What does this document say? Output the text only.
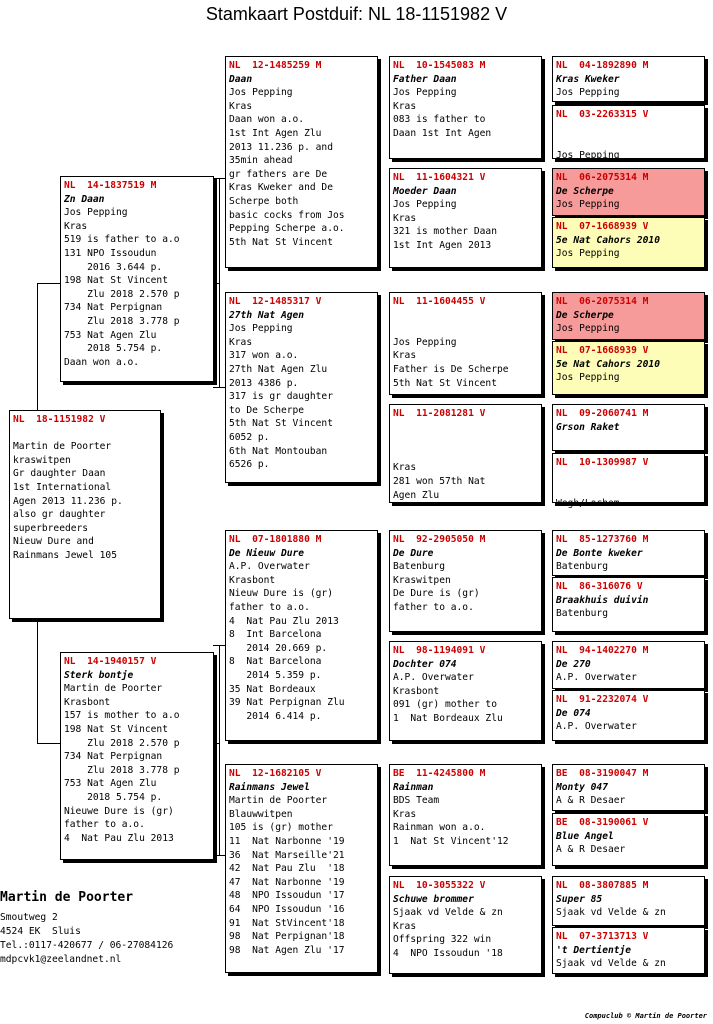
Stamkaart Postduif: NL 18-1151982 V
NL  18-1151982 V
Martin de Poorter
kraswitpen
Gr daughter Daan
1st International
Agen 2013 11.236 p.
also gr daughter
superbreeders
Nieuw Dure and
Rainmans Jewel 105
NL  14-1837519 M
Zn Daan
Jos Pepping
Kras
519 is father to a.o
131 NPO Issoudun
2016 3.644 p.
198 Nat St Vincent
Zlu 2018 2.570 p
734 Nat Perpignan
Zlu 2018 3.778 p
753 Nat Agen Zlu
2018 5.754 p.
Daan won a.o.
NL  14-1940157 V
Sterk bontje
Martin de Poorter
Krasbont
157 is mother to a.o
198 Nat St Vincent
Zlu 2018 2.570 p
734 Nat Perpignan
Zlu 2018 3.778 p
753 Nat Agen Zlu
2018 5.754 p.
Nieuwe Dure is (gr)
father to a.o.
4  Nat Pau Zlu 2013
NL  12-1485259 M
Daan
Jos Pepping
Kras
Daan won a.o.
1st Int Agen Zlu
2013 11.236 p. and
35min ahead
gr fathers are De
Kras Kweker and De
Scherpe both
basic cocks from Jos
Pepping Scherpe a.o.
5th Nat St Vincent
NL  12-1485317 V
27th Nat Agen
Jos Pepping
Kras
317 won a.o.
27th Nat Agen Zlu
2013 4386 p.
317 is gr daughter
to De Scherpe
5th Nat St Vincent
6052 p.
6th Nat Montouban
6526 p.
NL  07-1801880 M
De Nieuw Dure
A.P. Overwater
Krasbont
Nieuw Dure is (gr)
father to a.o.
4  Nat Pau Zlu 2013
8  Int Barcelona
2014 20.669 p.
8  Nat Barcelona
2014 5.359 p.
35 Nat Bordeaux
39 Nat Perpignan Zlu
2014 6.414 p.
NL  12-1682105 V
Rainmans Jewel
Martin de Poorter
Blauwwitpen
105 is (gr) mother
11  Nat Narbonne '19
36  Nat Marseille'21
42  Nat Pau Zlu  '18
47  Nat Narbonne '19
48  NPO Issoudun '17
64  NPO Issoudun '16
91  Nat StVincent'18
98  Nat Perpignan'18
98  Nat Agen Zlu '17
NL  10-1545083 M
Father Daan
Jos Pepping
Kras
083 is father to
Daan 1st Int Agen
NL  11-1604321 V
Moeder Daan
Jos Pepping
Kras
321 is mother Daan
1st Int Agen 2013
NL  11-1604455 V
Jos Pepping
Kras
Father is De Scherpe
5th Nat St Vincent
NL  11-2081281 V
Kras
281 won 57th Nat
Agen Zlu
NL  92-2905050 M
De Dure
Batenburg
Kraswitpen
De Dure is (gr)
father to a.o.
NL  98-1194091 V
Dochter 074
A.P. Overwater
Krasbont
091 (gr) mother to
1  Nat Bordeaux Zlu
BE  11-4245800 M
Rainman
BDS Team
Kras
Rainman won a.o.
1  Nat St Vincent'12
NL  10-3055322 V
Schuwe brommer
Sjaak vd Velde & zn
Kras
Offspring 322 win
4  NPO Issoudun '18
NL  04-1892890 M
Kras Kweker
Jos Pepping
NL  03-2263315 V
Jos Pepping
NL  06-2075314 M
De Scherpe
Jos Pepping
NL  07-1668939 V
5e Nat Cahors 2010
Jos Pepping
NL  06-2075314 M
De Scherpe
Jos Pepping
NL  07-1668939 V
5e Nat Cahors 2010
Jos Pepping
NL  09-2060741 M
Grson Raket
NL  10-1309987 V
Wegh/Lochem
NL  85-1273760 M
De Bonte kweker
Batenburg
NL  86-316076 V
Braakhuis duivin
Batenburg
NL  94-1402270 M
De 270
A.P. Overwater
NL  91-2232074 V
De 074
A.P. Overwater
BE  08-3190047 M
Monty 047
A & R Desaer
BE  08-3190061 V
Blue Angel
A & R Desaer
NL  08-3807885 M
Super 85
Sjaak vd Velde & zn
NL  07-3713713 V
't Dertientje
Sjaak vd Velde & zn
Martin de Poorter
Smoutweg 2
4524 EK  Sluis
Tel.:0117-420677 / 06-27084126
mdpcvk1@zeelandnet.nl
Compuclub © Martin de Poorter
